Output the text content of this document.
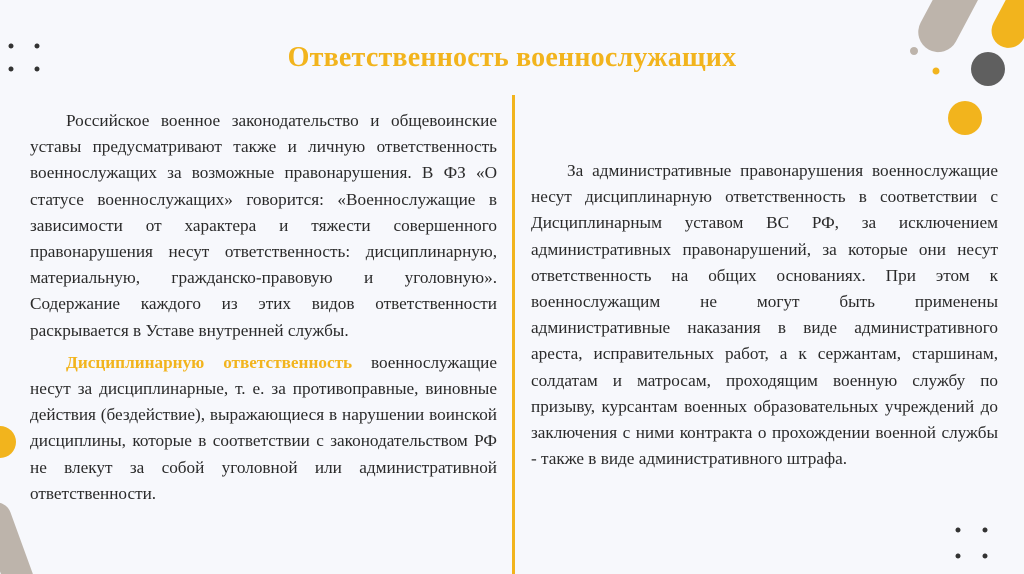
Ответственность военнослужащих

Российское военное законодательство и общевоинские уставы предусматривают также и личную ответственность военнослужащих за возможные правонарушения. В ФЗ «О статусе военнослужащих» говорится: «Военнослужащие в зависимости от характера и тяжести совершенного правонарушения несут ответственность: дисциплинарную, материальную, гражданско-правовую и уголовную». Содержание каждого из этих видов ответственности раскрывается в Уставе внутренней службы.

Дисциплинарную ответственность военнослужащие несут за дисциплинарные, т. е. за противоправные, виновные действия (бездействие), выражающиеся в нарушении воинской дисциплины, которые в соответствии с законодательством РФ не влекут за собой уголовной или административной ответственности.

За административные правонарушения военнослужащие несут дисциплинарную ответственность в соответствии с Дисциплинарным уставом ВС РФ, за исключением административных правонарушений, за которые они несут ответственность на общих основаниях. При этом к военнослужащим не могут быть применены административные наказания в виде административного ареста, исправительных работ, а к сержантам, старшинам, солдатам и матросам, проходящим военную службу по призыву, курсантам военных образовательных учреждений до заключения с ними контракта о прохождении военной службы - также в виде административного штрафа.
